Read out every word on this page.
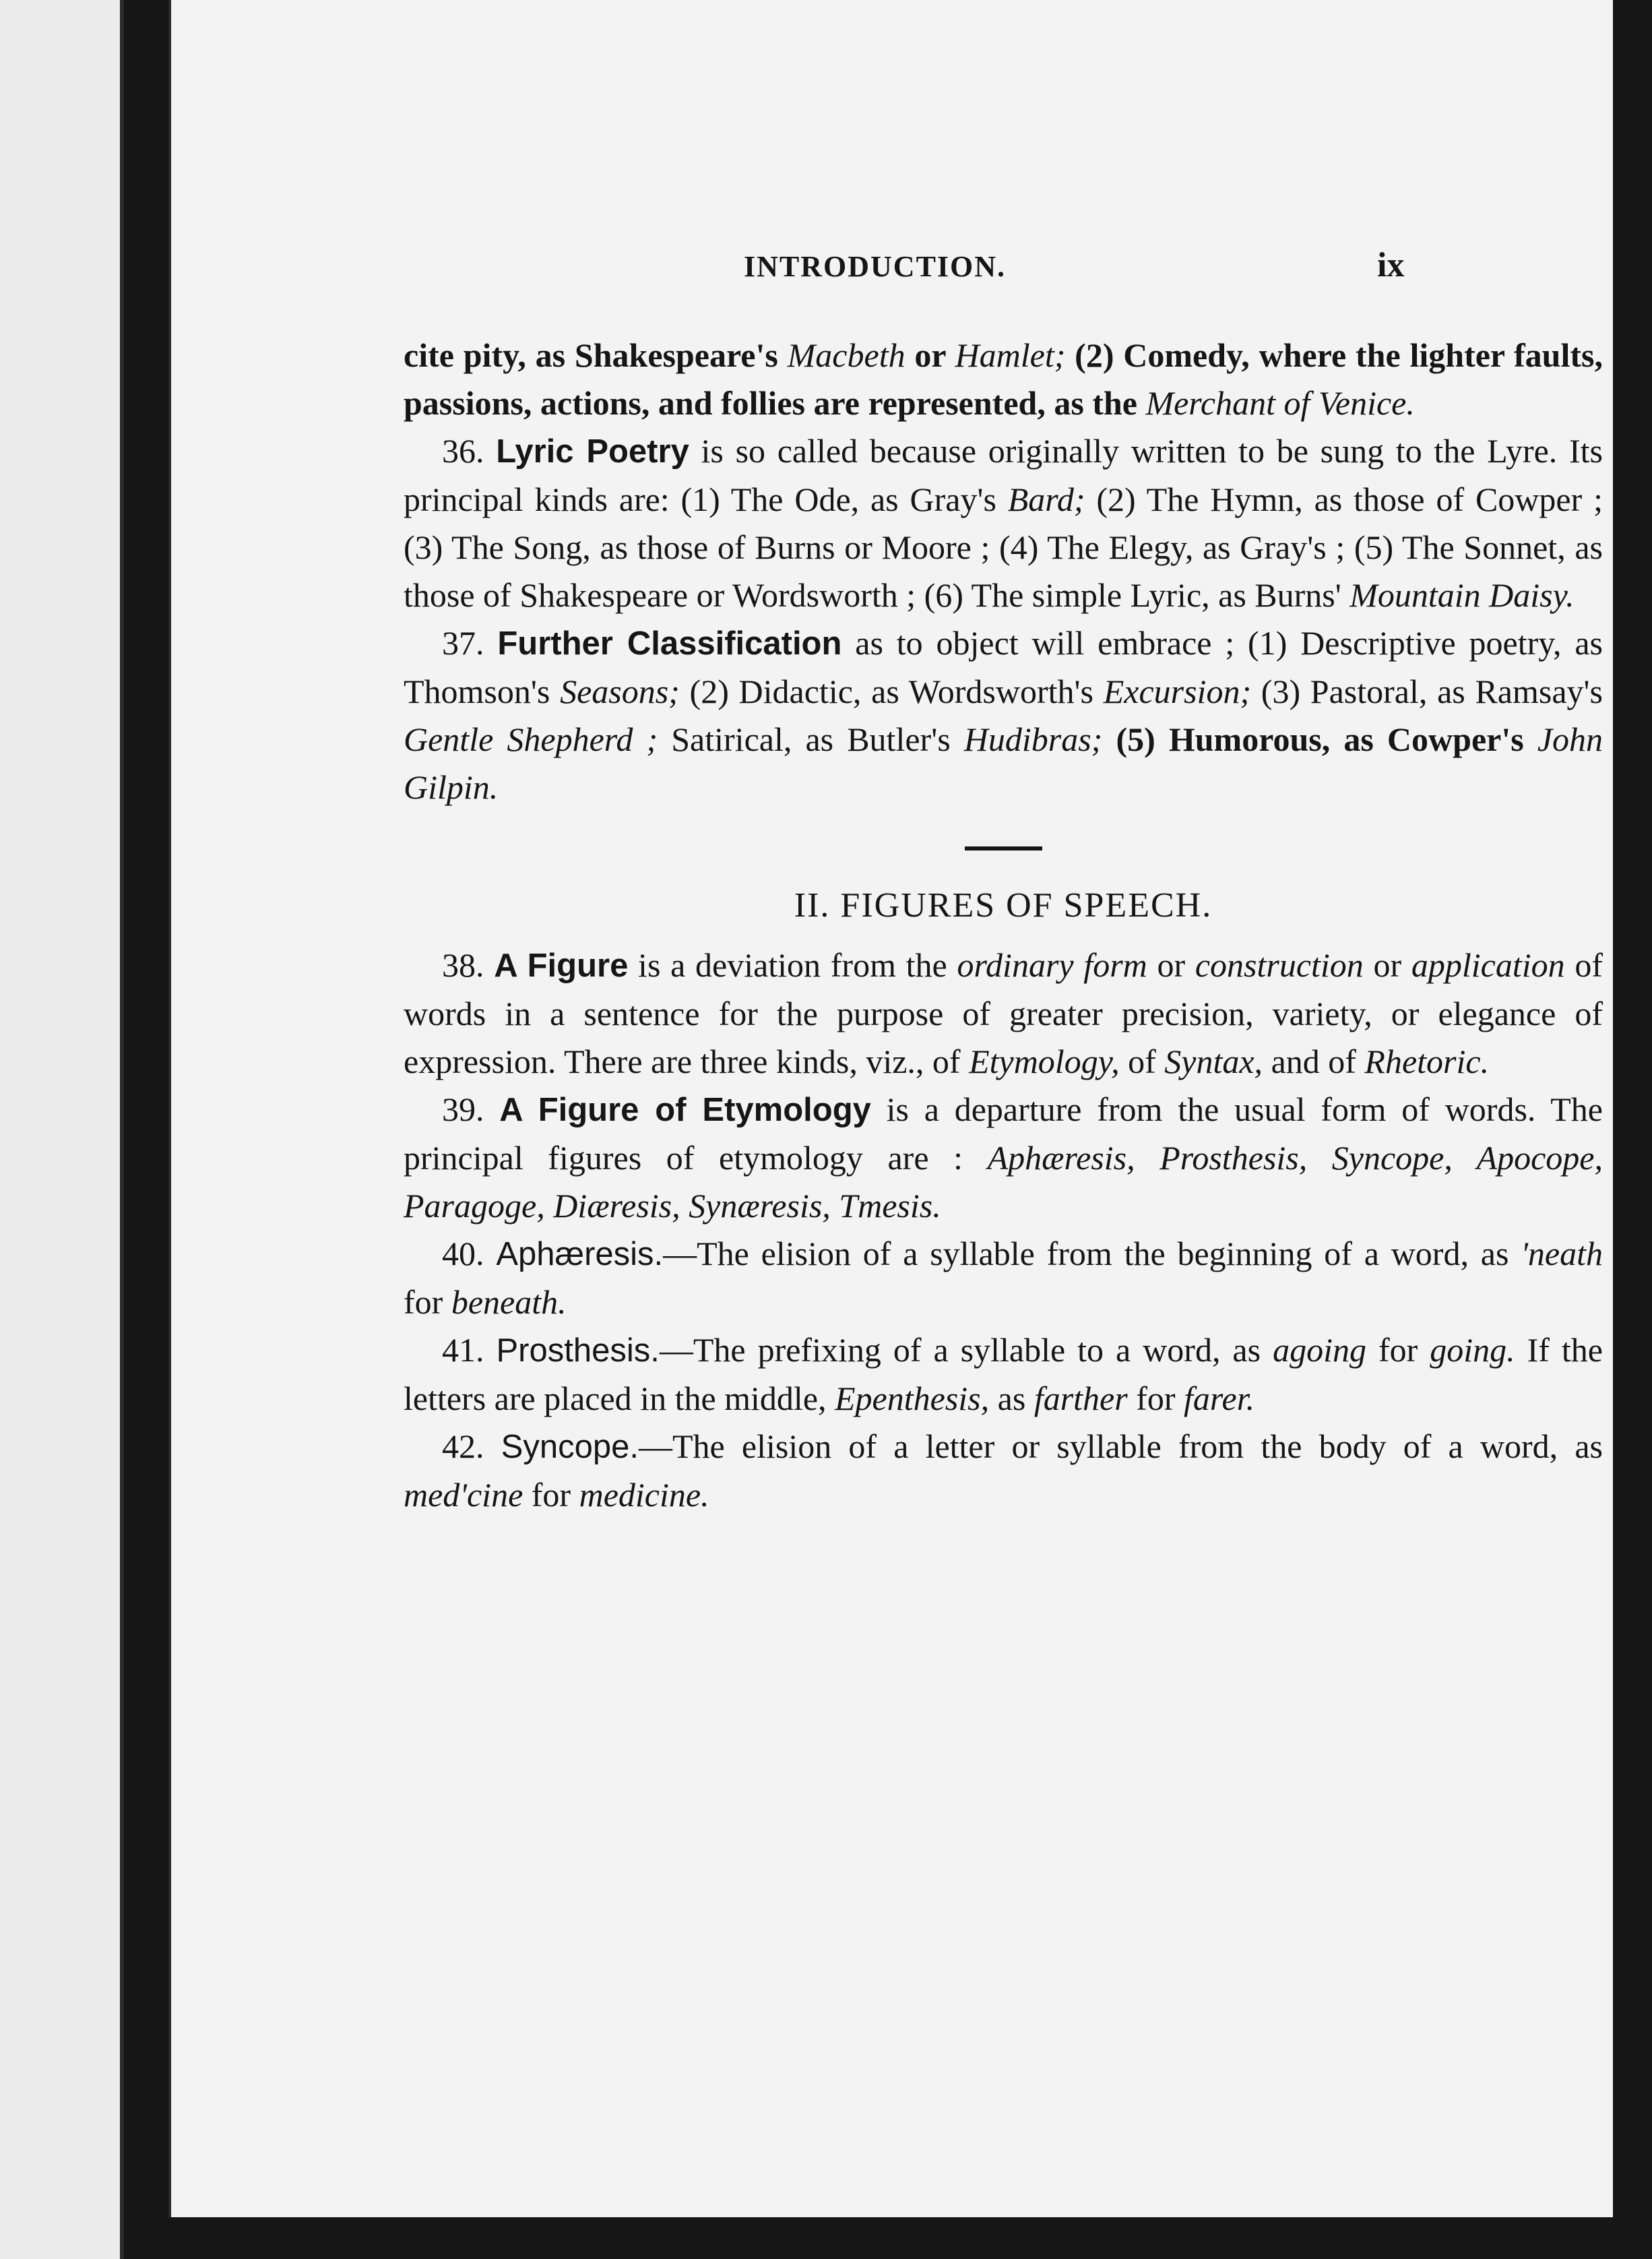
INTRODUCTION.	ix

cite pity, as Shakespeare's Macbeth or Hamlet; (2) Comedy, where the lighter faults, passions, actions, and follies are represented, as the Merchant of Venice.

36. Lyric Poetry is so called because originally written to be sung to the Lyre. Its principal kinds are: (1) The Ode, as Gray's Bard; (2) The Hymn, as those of Cowper ; (3) The Song, as those of Burns or Moore ; (4) The Elegy, as Gray's ; (5) The Sonnet, as those of Shakespeare or Wordsworth ; (6) The simple Lyric, as Burns' Mountain Daisy.

37. Further Classification as to object will embrace ; (1) Descriptive poetry, as Thomson's Seasons; (2) Didactic, as Wordsworth's Excursion; (3) Pastoral, as Ramsay's Gentle Shepherd ; Satirical, as Butler's Hudibras; (5) Humorous, as Cowper's John Gilpin.

II. FIGURES OF SPEECH.

38. A Figure is a deviation from the ordinary form or construction or application of words in a sentence for the purpose of greater precision, variety, or elegance of expression. There are three kinds, viz., of Etymology, of Syntax, and of Rhetoric.

39. A Figure of Etymology is a departure from the usual form of words. The principal figures of etymology are : Aphæresis, Prosthesis, Syncope, Apocope, Paragoge, Diæresis, Synæresis, Tmesis.

40. Aphæresis.—The elision of a syllable from the beginning of a word, as 'neath for beneath.

41. Prosthesis.—The prefixing of a syllable to a word, as agoing for going. If the letters are placed in the middle, Epenthesis, as farther for farer.

42. Syncope.—The elision of a letter or syllable from the body of a word, as med'cine for medicine.
